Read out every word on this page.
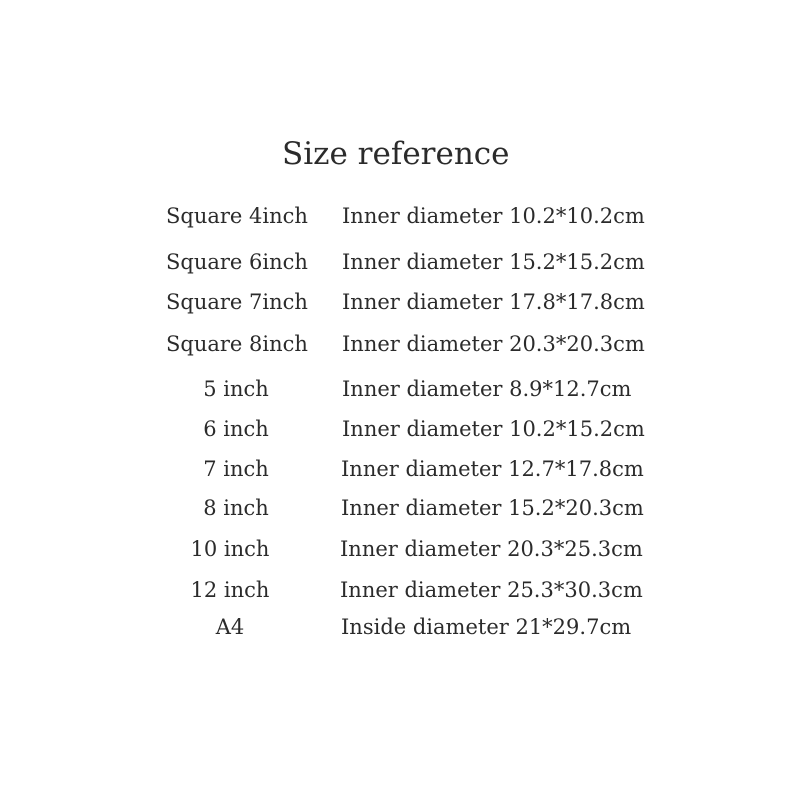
Size reference
Square 4inch Inner diameter 10.2*10.2cm
Square 6inch Inner diameter 15.2*15.2cm
Square 7inch Inner diameter 17.8*17.8cm
Square 8inch Inner diameter 20.3*20.3cm
5 inch	Inner diameter 8.9*12.7cm
6 inch	Inner diameter 10.2*15.2cm
7 inch	Inner diameter 12.7*17.8cm
8 inch	Inner diameter 15.2*20.3cm
10 inch	Inner diameter 20.3*25.3cm
12 inch	Inner diameter 25.3*30.3cm
A4	Inside diameter 21*29.7cm
